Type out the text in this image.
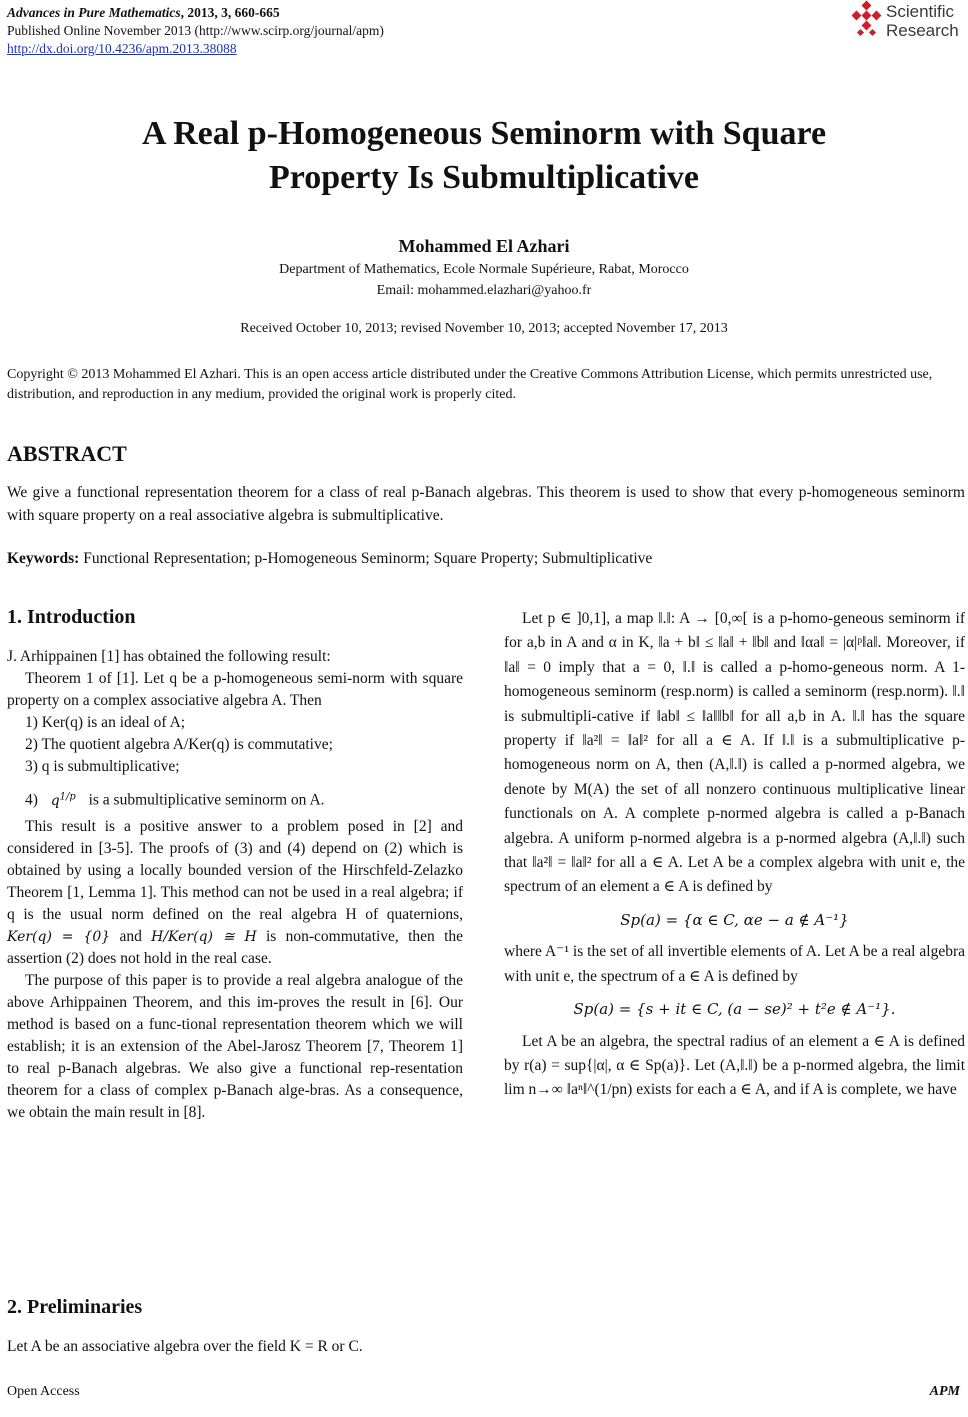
Advances in Pure Mathematics, 2013, 3, 660-665
Published Online November 2013 (http://www.scirp.org/journal/apm)
http://dx.doi.org/10.4236/apm.2013.38088
Scientific
Research
A Real p-Homogeneous Seminorm with Square
Property Is Submultiplicative
Mohammed El Azhari
Department of Mathematics, Ecole Normale Supérieure, Rabat, Morocco
Email: mohammed.elazhari@yahoo.fr
Received October 10, 2013; revised November 10, 2013; accepted November 17, 2013
Copyright © 2013 Mohammed El Azhari. This is an open access article distributed under the Creative Commons Attribution License, which permits unrestricted use, distribution, and reproduction in any medium, provided the original work is properly cited.
ABSTRACT
We give a functional representation theorem for a class of real p-Banach algebras. This theorem is used to show that every p-homogeneous seminorm with square property on a real associative algebra is submultiplicative.
Keywords: Functional Representation; p-Homogeneous Seminorm; Square Property; Submultiplicative
1. Introduction

J. Arhippainen [1] has obtained the following result:

Theorem 1 of [1]. Let q be a p-homogeneous semi-norm with square property on a complex associative algebra A. Then

1) Ker(q) is an ideal of A;

2) The quotient algebra A/Ker(q) is commutative;

3) q is submultiplicative;

4)   $q^{1/p}$ is a submultiplicative seminorm on A.

This result is a positive answer to a problem posed in [2] and considered in [3-5]. The proofs of (3) and (4) depend on (2) which is obtained by using a locally bounded version of the Hirschfeld-Zelazko Theorem [1, Lemma 1]. This method can not be used in a real algebra; if q is the usual norm defined on the real algebra H of quaternions, Ker(q) = {0} and H/Ker(q) ≅ H is non-commutative, then the assertion (2) does not hold in the real case.

The purpose of this paper is to provide a real algebra analogue of the above Arhippainen Theorem, and this im-proves the result in [6]. Our method is based on a func-tional representation theorem which we will establish; it is an extension of the Abel-Jarosz Theorem [7, Theorem 1] to real p-Banach algebras. We also give a functional rep-resentation theorem for a class of complex p-Banach alge-bras. As a consequence, we obtain the main result in [8].

2. Preliminaries
Let A be an associative algebra over the field K = R or C.

Let p ∈ ]0,1], a map ‖.‖: A → [0,∞[ is a p-homo-geneous seminorm if for a,b in A and α in K, ‖a + b‖ ≤ ‖a‖ + ‖b‖ and ‖αa‖ = |α|ᵖ‖a‖. Moreover, if ‖a‖ = 0 imply that a = 0, ‖.‖ is called a p-homo-geneous norm. A 1-homogeneous seminorm (resp.norm) is called a seminorm (resp.norm). ‖.‖ is submultipli-cative if ‖ab‖ ≤ ‖a‖‖b‖ for all a,b in A. ‖.‖ has the square property if ‖a²‖ = ‖a‖² for all a ∈ A. If ‖.‖ is a submultiplicative p-homogeneous norm on A, then (A,‖.‖) is called a p-normed algebra, we denote by M(A) the set of all nonzero continuous multiplicative linear functionals on A. A complete p-normed algebra is called a p-Banach algebra. A uniform p-normed algebra is a p-normed algebra (A,‖.‖) such that ‖a²‖ = ‖a‖² for all a ∈ A. Let A be a complex algebra with unit e, the spectrum of an element a ∈ A is defined by

Sp(a) = {α ∈ C, αe − a ∉ A⁻¹}

where A⁻¹ is the set of all invertible elements of A. Let A be a real algebra with unit e, the spectrum of a ∈ A is defined by

Sp(a) = {s + it ∈ C, (a − se)² + t²e ∉ A⁻¹}.

Let A be an algebra, the spectral radius of an element a ∈ A is defined by r(a) = sup{|α|, α ∈ Sp(a)}. Let (A,‖.‖) be a p-normed algebra, the limit lim n→∞ ‖aⁿ‖^(1/pn) exists for each a ∈ A, and if A is complete, we have

Open Access	APM
